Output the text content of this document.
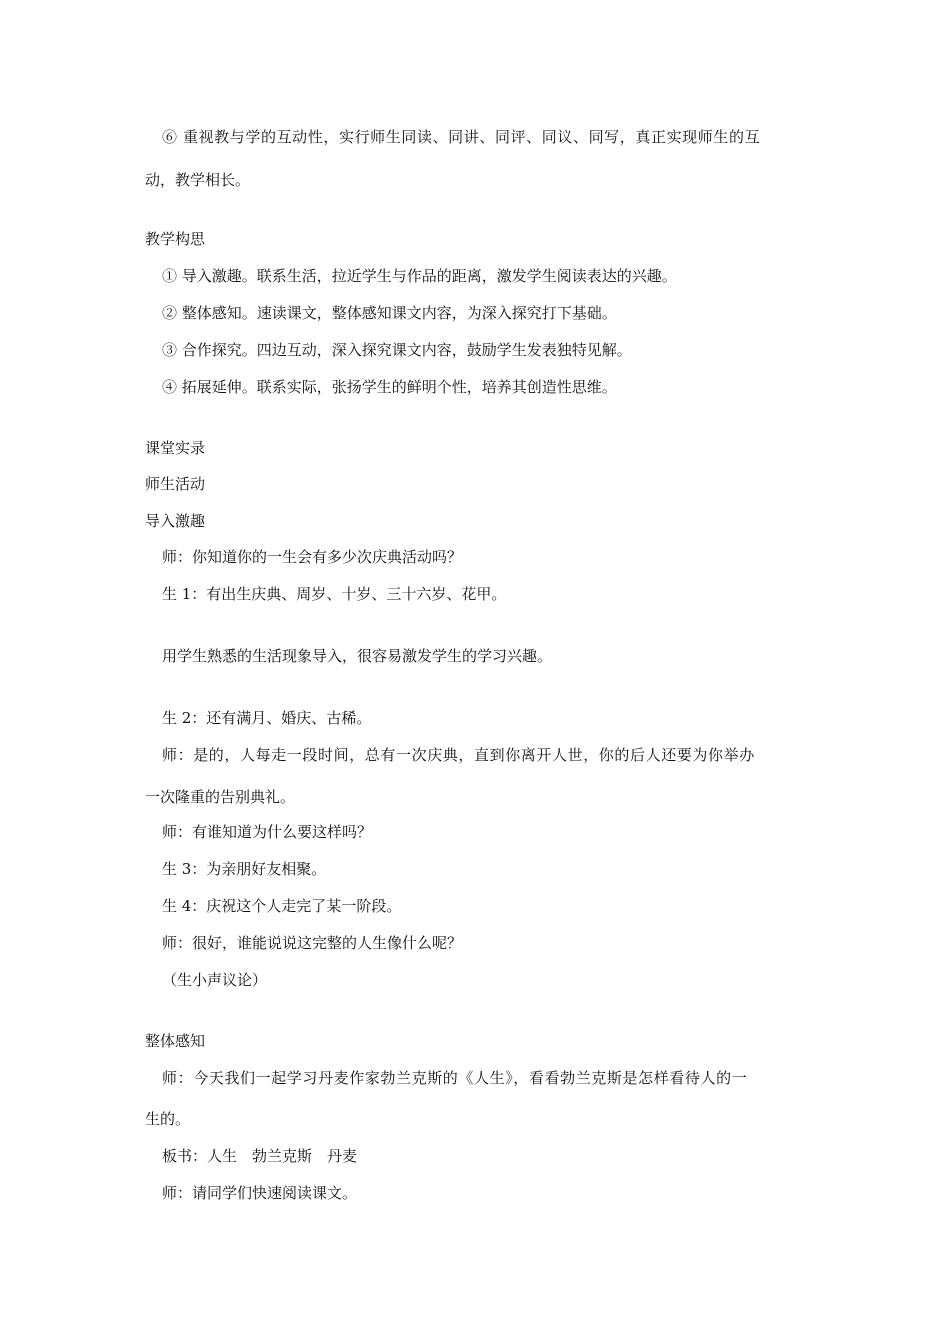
⑥ 重视教与学的互动性，实行师生同读、同讲、同评、同议、同写，真正实现师生的互
动，教学相长。
教学构思
① 导入激趣。联系生活，拉近学生与作品的距离，激发学生阅读表达的兴趣。
② 整体感知。速读课文，整体感知课文内容，为深入探究打下基础。
③ 合作探究。四边互动，深入探究课文内容，鼓励学生发表独特见解。
④ 拓展延伸。联系实际，张扬学生的鲜明个性，培养其创造性思维。
课堂实录
师生活动
导入激趣
师：你知道你的一生会有多少次庆典活动吗？
生 1：有出生庆典、周岁、十岁、三十六岁、花甲。
用学生熟悉的生活现象导入，很容易激发学生的学习兴趣。
生 2：还有满月、婚庆、古稀。
师：是的，人每走一段时间，总有一次庆典，直到你离开人世，你的后人还要为你举办
一次隆重的告别典礼。
师：有谁知道为什么要这样吗？
生 3：为亲朋好友相聚。
生 4：庆祝这个人走完了某一阶段。
师：很好，谁能说说这完整的人生像什么呢？
（生小声议论）
整体感知
师：今天我们一起学习丹麦作家勃兰克斯的《人生》，看看勃兰克斯是怎样看待人的一
生的。
板书：人生　勃兰克斯　丹麦
师：请同学们快速阅读课文。
